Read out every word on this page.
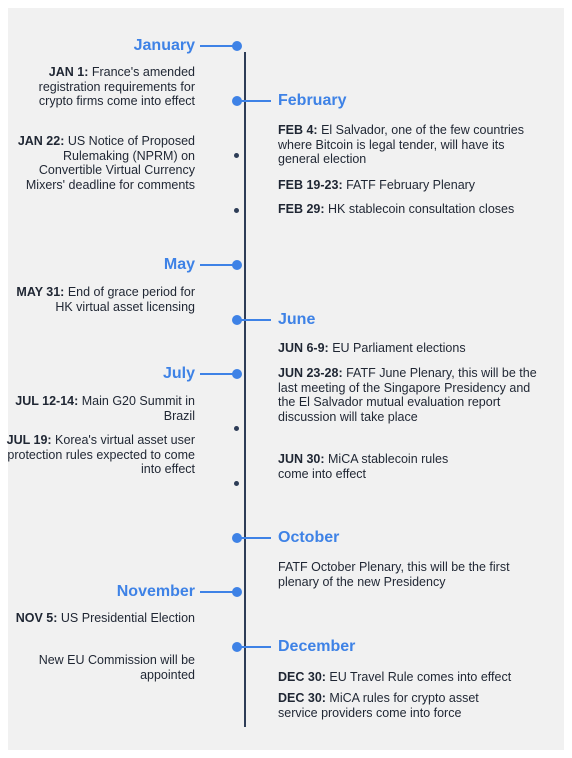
January
February
May
June
July
October
November
December
JAN 1: France's amended registration requirements for crypto firms come into effect
JAN 22: US Notice of Proposed Rulemaking (NPRM) on Convertible Virtual Currency Mixers' deadline for comments
MAY 31: End of grace period for HK virtual asset licensing
JUL 12-14: Main G20 Summit in Brazil
JUL 19: Korea's virtual asset user protection rules expected to come into effect
NOV 5: US Presidential Election
New EU Commission will be appointed
FEB 4: El Salvador, one of the few countries where Bitcoin is legal tender, will have its general election
FEB 19-23: FATF February Plenary
FEB 29: HK stablecoin consultation closes
JUN 6-9: EU Parliament elections
JUN 23-28: FATF June Plenary, this will be the last meeting of the Singapore Presidency and the El Salvador mutual evaluation report discussion will take place
JUN 30: MiCA stablecoin rules come into effect
FATF October Plenary, this will be the first plenary of the new Presidency
DEC 30: EU Travel Rule comes into effect
DEC 30: MiCA rules for crypto asset service providers come into force
